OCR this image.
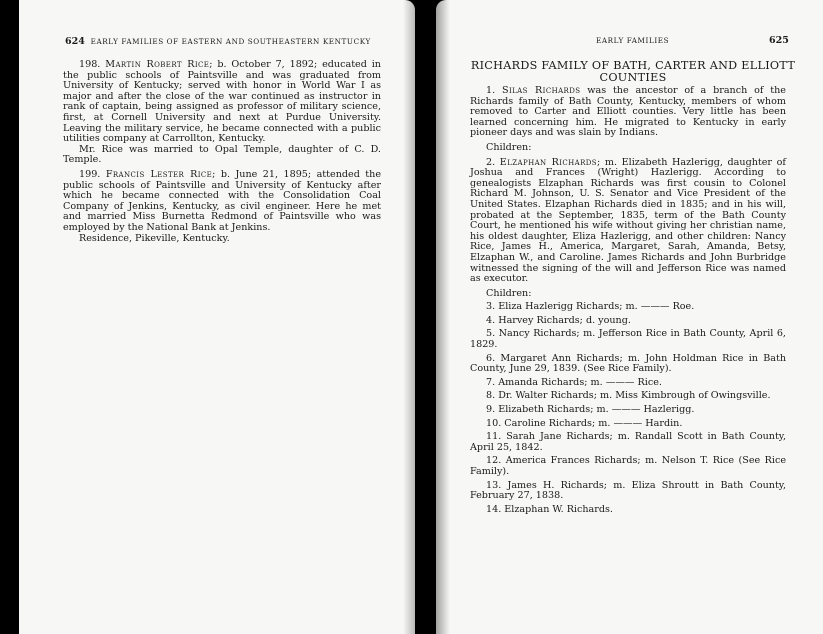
624 EARLY FAMILIES OF EASTERN AND SOUTHEASTERN KENTUCKY

198. Martin Robert Rice; b. October 7, 1892; educated in the public schools of Paintsville and was graduated from University of Kentucky; served with honor in World War I as major and after the close of the war continued as instructor in rank of captain, being assigned as professor of military science, first, at Cornell University and next at Purdue University. Leaving the military service, he became connected with a public utilities company at Carrollton, Kentucky.

Mr. Rice was married to Opal Temple, daughter of C. D. Temple.

199. Francis Lester Rice; b. June 21, 1895; attended the public schools of Paintsville and University of Kentucky after which he became connected with the Consolidation Coal Company of Jenkins, Kentucky, as civil engineer. Here he met and married Miss Burnetta Redmond of Paintsville who was employed by the National Bank at Jenkins.

Residence, Pikeville, Kentucky.

EARLY FAMILIES	625
RICHARDS FAMILY OF BATH, CARTER AND ELLIOTT
COUNTIES

1. Silas Richards was the ancestor of a branch of the Richards family of Bath County, Kentucky, members of whom removed to Carter and Elliott counties. Very little has been learned concerning him. He migrated to Kentucky in early pioneer days and was slain by Indians.

Children:

2. Elzaphan Richards; m. Elizabeth Hazlerigg, daughter of Joshua and Frances (Wright) Hazlerigg. According to genealogists Elzaphan Richards was first cousin to Colonel Richard M. Johnson, U. S. Senator and Vice President of the United States. Elzaphan Richards died in 1835; and in his will, probated at the September, 1835, term of the Bath County Court, he mentioned his wife without giving her christian name, his oldest daughter, Eliza Hazlerigg, and other children: Nancy Rice, James H., America, Margaret, Sarah, Amanda, Betsy, Elzaphan W., and Caroline. James Richards and John Burbridge witnessed the signing of the will and Jefferson Rice was named as executor.

Children:

3. Eliza Hazlerigg Richards; m. ——— Roe.

4. Harvey Richards; d. young.

5. Nancy Richards; m. Jefferson Rice in Bath County, April 6, 1829.

6. Margaret Ann Richards; m. John Holdman Rice in Bath County, June 29, 1839. (See Rice Family).

7. Amanda Richards; m. ——— Rice.

8. Dr. Walter Richards; m. Miss Kimbrough of Owingsville.

9. Elizabeth Richards; m. ——— Hazlerigg.

10. Caroline Richards; m. ——— Hardin.

11. Sarah Jane Richards; m. Randall Scott in Bath County, April 25, 1842.

12. America Frances Richards; m. Nelson T. Rice (See Rice Family).

13. James H. Richards; m. Eliza Shroutt in Bath County, February 27, 1838.

14. Elzaphan W. Richards.
